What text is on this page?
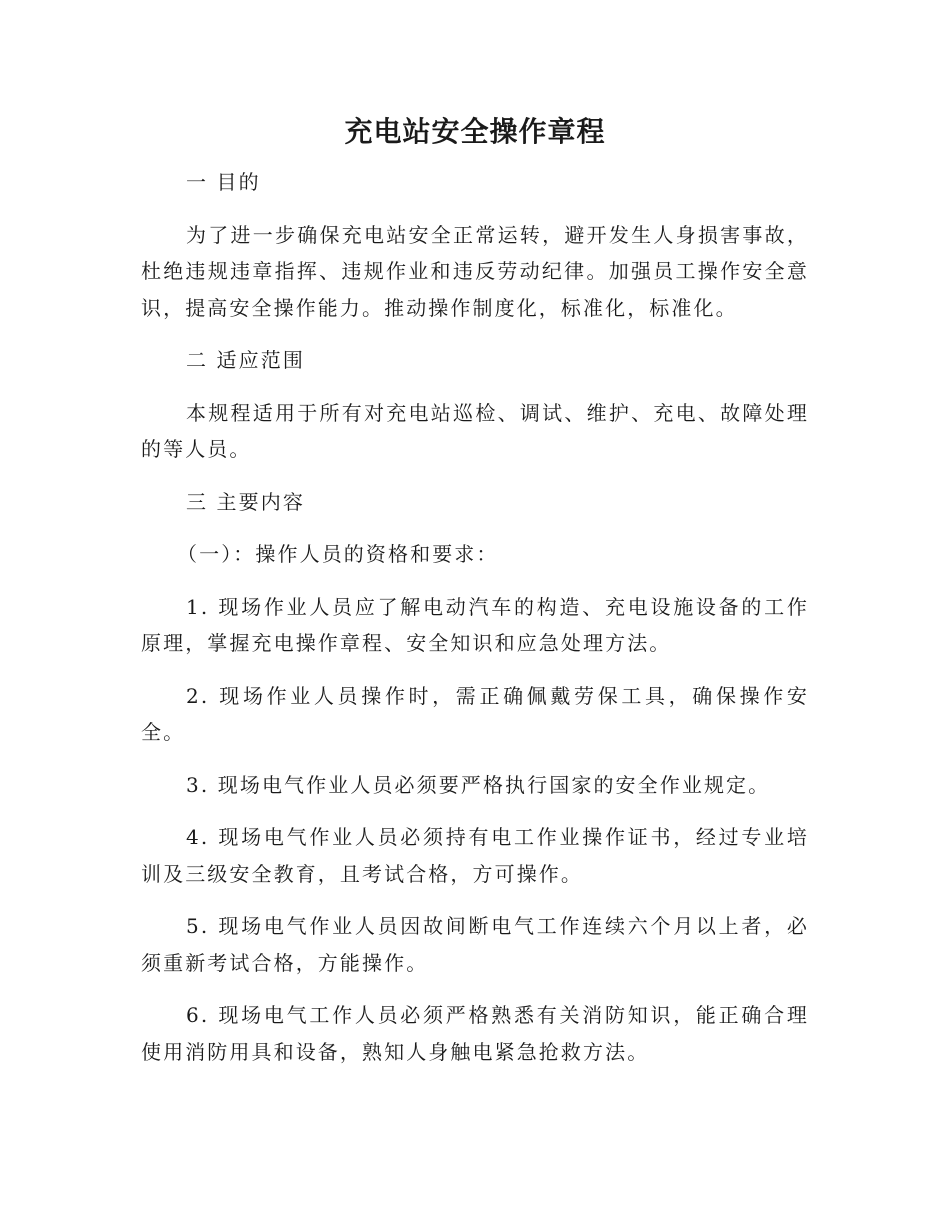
充电站安全操作章程

一 目的

为了进一步确保充电站安全正常运转，避开发生人身损害事故，杜绝违规违章指挥、违规作业和违反劳动纪律。加强员工操作安全意识，提高安全操作能力。推动操作制度化，标准化，标准化。

二 适应范围

本规程适用于所有对充电站巡检、调试、维护、充电、故障处理的等人员。

三 主要内容

（一）：操作人员的资格和要求：

1. 现场作业人员应了解电动汽车的构造、充电设施设备的工作原理，掌握充电操作章程、安全知识和应急处理方法。

2. 现场作业人员操作时，需正确佩戴劳保工具，确保操作安全。

3. 现场电气作业人员必须要严格执行国家的安全作业规定。

4. 现场电气作业人员必须持有电工作业操作证书，经过专业培训及三级安全教育，且考试合格，方可操作。

5. 现场电气作业人员因故间断电气工作连续六个月以上者，必须重新考试合格，方能操作。

6. 现场电气工作人员必须严格熟悉有关消防知识，能正确合理使用消防用具和设备，熟知人身触电紧急抢救方法。
